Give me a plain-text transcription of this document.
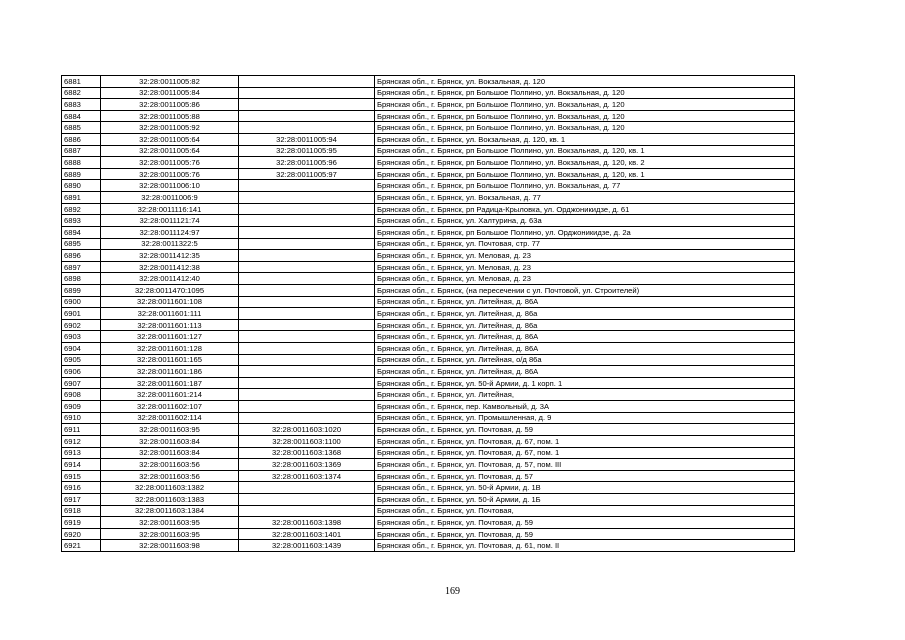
6881	32:28:0011005:82		Брянская обл., г. Брянск, ул. Вокзальная, д. 120
6882	32:28:0011005:84		Брянская обл., г. Брянск, рп Большое Полпино, ул. Вокзальная, д. 120
6883	32:28:0011005:86		Брянская обл., г. Брянск, рп Большое Полпино, ул. Вокзальная, д. 120
6884	32:28:0011005:88		Брянская обл., г. Брянск, рп Большое Полпино, ул. Вокзальная, д. 120
6885	32:28:0011005:92		Брянская обл., г. Брянск, рп Большое Полпино, ул. Вокзальная, д. 120
6886	32:28:0011005:64	32:28:0011005:94	Брянская обл., г. Брянск, ул. Вокзальная, д. 120, кв. 1
6887	32:28:0011005:64	32:28:0011005:95	Брянская обл., г. Брянск, рп Большое Полпино, ул. Вокзальная, д. 120, кв. 1
6888	32:28:0011005:76	32:28:0011005:96	Брянская обл., г. Брянск, рп Большое Полпино, ул. Вокзальная, д. 120, кв. 2
6889	32:28:0011005:76	32:28:0011005:97	Брянская обл., г. Брянск, рп Большое Полпино, ул. Вокзальная, д. 120, кв. 1
6890	32:28:0011006:10		Брянская обл., г. Брянск, рп Большое Полпино, ул. Вокзальная, д. 77
6891	32:28:0011006:9		Брянская обл., г. Брянск, ул. Вокзальная, д. 77
6892	32:28:0011116:141		Брянская обл., г. Брянск, рп Радица-Крыловка, ул. Орджоникидзе, д. 61
6893	32:28:0011121:74		Брянская обл., г. Брянск, ул. Халтурина, д. 63а
6894	32:28:0011124:97		Брянская обл., г. Брянск, рп Большое Полпино, ул. Орджоникидзе, д. 2а
6895	32:28:0011322:5		Брянская обл., г. Брянск, ул. Почтовая, стр. 77
6896	32:28:0011412:35		Брянская обл., г. Брянск, ул. Меловая, д. 23
6897	32:28:0011412:38		Брянская обл., г. Брянск, ул. Меловая, д. 23
6898	32:28:0011412:40		Брянская обл., г. Брянск, ул. Меловая, д. 23
6899	32:28:0011470:1095		Брянская обл., г. Брянск, (на пересечении с ул. Почтовой, ул. Строителей)
6900	32:28:0011601:108		Брянская обл., г. Брянск, ул. Литейная, д. 86А
6901	32:28:0011601:111		Брянская обл., г. Брянск, ул. Литейная, д. 86а
6902	32:28:0011601:113		Брянская обл., г. Брянск, ул. Литейная, д. 86а
6903	32:28:0011601:127		Брянская обл., г. Брянск, ул. Литейная, д. 86А
6904	32:28:0011601:128		Брянская обл., г. Брянск, ул. Литейная, д. 86А
6905	32:28:0011601:165		Брянская обл., г. Брянск, ул. Литейная, о/д 86а
6906	32:28:0011601:186		Брянская обл., г. Брянск, ул. Литейная, д. 86А
6907	32:28:0011601:187		Брянская обл., г. Брянск, ул. 50-й Армии, д. 1 корп. 1
6908	32:28:0011601:214		Брянская обл., г. Брянск, ул. Литейная,
6909	32:28:0011602:107		Брянская обл., г. Брянск, пер. Камвольный, д. 3А
6910	32:28:0011602:114		Брянская обл., г. Брянск, ул. Промышленная, д. 9
6911	32:28:0011603:95	32:28:0011603:1020	Брянская обл., г. Брянск, ул. Почтовая, д. 59
6912	32:28:0011603:84	32:28:0011603:1100	Брянская обл., г. Брянск, ул. Почтовая, д. 67, пом. 1
6913	32:28:0011603:84	32:28:0011603:1368	Брянская обл., г. Брянск, ул. Почтовая, д. 67, пом. 1
6914	32:28:0011603:56	32:28:0011603:1369	Брянская обл., г. Брянск, ул. Почтовая, д. 57, пом. III
6915	32:28:0011603:56	32:28:0011603:1374	Брянская обл., г. Брянск, ул. Почтовая, д. 57
6916	32:28:0011603:1382		Брянская обл., г. Брянск, ул. 50-й Армии, д. 1В
6917	32:28:0011603:1383		Брянская обл., г. Брянск, ул. 50-й Армии, д. 1Б
6918	32:28:0011603:1384		Брянская обл., г. Брянск, ул. Почтовая,
6919	32:28:0011603:95	32:28:0011603:1398	Брянская обл., г. Брянск, ул. Почтовая, д. 59
6920	32:28:0011603:95	32:28:0011603:1401	Брянская обл., г. Брянск, ул. Почтовая, д. 59
6921	32:28:0011603:98	32:28:0011603:1439	Брянская обл., г. Брянск, ул. Почтовая, д. 61, пом. II
169
